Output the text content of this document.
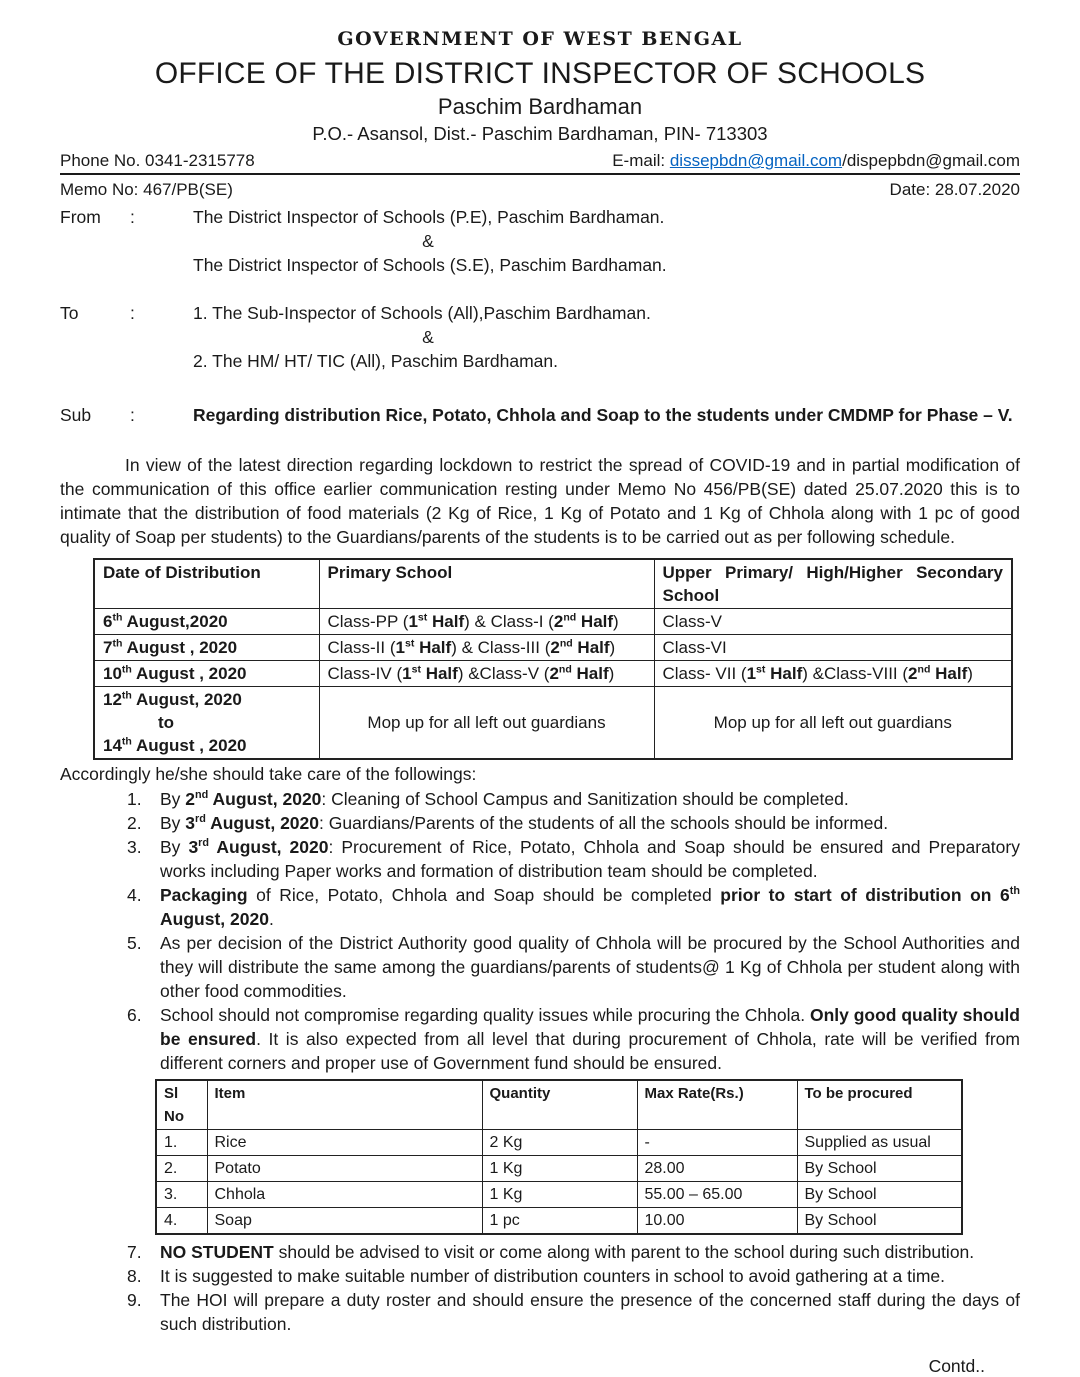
GOVERNMENT OF WEST BENGAL
OFFICE OF THE DISTRICT INSPECTOR OF SCHOOLS
Paschim Bardhaman
P.O.- Asansol, Dist.- Paschim Bardhaman, PIN- 713303
Phone No. 0341-2315778	E-mail: dissepbdn@gmail.com/dispepbdn@gmail.com
Memo No: 467/PB(SE)	Date: 28.07.2020
From	:	The District Inspector of Schools (P.E), Paschim Bardhaman.
&
The District Inspector of Schools (S.E), Paschim Bardhaman.
To	:	1. The Sub-Inspector of Schools (All),Paschim Bardhaman.
&
2. The HM/ HT/ TIC (All), Paschim Bardhaman.
Sub	:	Regarding distribution Rice, Potato, Chhola and Soap to the students under CMDMP for Phase – V.
In view of the latest direction regarding lockdown to restrict the spread of COVID-19 and in partial modification of the communication of this office earlier communication resting under Memo No 456/PB(SE) dated 25.07.2020 this is to intimate that the distribution of food materials (2 Kg of Rice, 1 Kg of Potato and 1 Kg of Chhola along with 1 pc of good quality of Soap per students) to the Guardians/parents of the students is to be carried out as per following schedule.
Date of Distribution	Primary School	Upper Primary/ High/Higher Secondary School
6th August,2020	Class-PP (1st Half) & Class-I (2nd Half)	Class-V
7th August , 2020	Class-II (1st Half) & Class-III (2nd Half)	Class-VI
10th August , 2020	Class-IV (1st Half) &Class-V (2nd Half)	Class- VII (1st Half) &Class-VIII (2nd Half)

12th August, 2020
to
14th August , 2020	Mop up for all left out guardians	Mop up for all left out guardians
Accordingly he/she should take care of the followings:
1.	By 2nd August, 2020: Cleaning of School Campus and Sanitization should be completed.
2.	By 3rd August, 2020: Guardians/Parents of the students of all the schools should be informed.
3.	By 3rd August, 2020: Procurement of Rice, Potato, Chhola and Soap should be ensured and Preparatory works including Paper works and formation of distribution team should be completed.
4.	Packaging of Rice, Potato, Chhola and Soap should be completed prior to start of distribution on 6th August, 2020.
5.	As per decision of the District Authority good quality of Chhola will be procured by the School Authorities and they will distribute the same among the guardians/parents of students@ 1 Kg of Chhola per student along with other food commodities.
6.	School should not compromise regarding quality issues while procuring the Chhola. Only good quality should be ensured. It is also expected from all level that during procurement of Chhola, rate will be verified from different corners and proper use of Government fund should be ensured.
Sl No	Item	Quantity	Max Rate(Rs.)	To be procured
1.	Rice	2 Kg	-	Supplied as usual
2.	Potato	1 Kg	28.00	By School
3.	Chhola	1 Kg	55.00 – 65.00	By School
4.	Soap	1 pc	10.00	By School
7.	NO STUDENT should be advised to visit or come along with parent to the school during such distribution.
8.	It is suggested to make suitable number of distribution counters in school to avoid gathering at a time.
9.	The HOI will prepare a duty roster and should ensure the presence of the concerned staff during the days of such distribution.
Contd..
